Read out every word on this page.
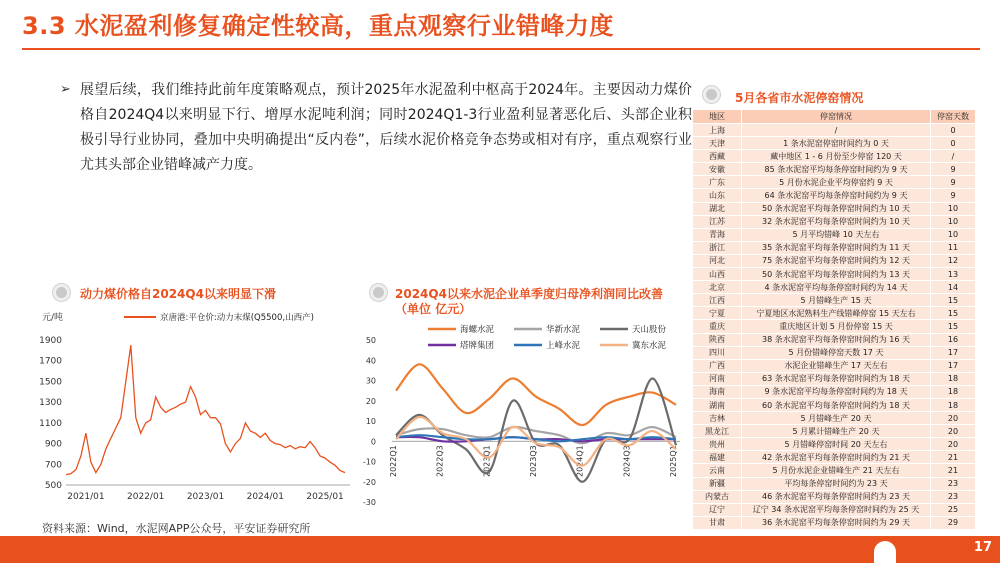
3.3 水泥盈利修复确定性较高，重点观察行业错峰力度
➢ 展望后续，我们维持此前年度策略观点，预计2025年水泥盈利中枢高于2024年。主要因动力煤价格自2024Q4以来明显下行、增厚水泥吨利润；同时2024Q1-3行业盈利显著恶化后、头部企业积极引导行业协同，叠加中央明确提出“反内卷”，后续水泥价格竞争态势或相对有序，重点观察行业尤其头部企业错峰减产力度。
动力煤价格自2024Q4以来明显下滑
元/吨	京唐港:平仓价:动力末煤(Q5500,山西产)
1900
1700
1500
1300
1100
900
700
500
2021/01 2022/01 2023/01 2024/01 2025/01
2024Q4以来水泥企业单季度归母净利润同比改善
（单位 亿元）
海螺水泥	华新水泥	天山股份
塔牌集团	上峰水泥	冀东水泥
50
40
30
20
10
0
-10
-20
-30
2022Q1	2022Q3	2023Q1	2023Q3	2024Q1	2024Q3	2025Q1
5月各省市水泥停窑情况
地区	停窑情况	停窑天数
上海	/	0
天津	1 条水泥窑停窑时间约为 0 天	0
西藏	藏中地区 1 - 6 月份至少停窑 120 天	/
安徽	85 条水泥窑平均每条停窑时间约为 9 天	9
广东	5 月份水泥企业平均停窑约 9 天	9
山东	64 条水泥窑平均每条停窑时间约为 9 天	9
湖北	50 条水泥窑平均每条停窑时间约为 10 天	10
江苏	32 条水泥窑平均每条停窑时间约为 10 天	10
青海	5 月平均错峰 10 天左右	10
浙江	35 条水泥窑平均每条停窑时间约为 11 天	11
河北	75 条水泥窑平均每条停窑时间约为 12 天	12
山西	50 条水泥窑平均每条停窑时间约为 13 天	13
北京	4 条水泥窑平均每条停窑时间约为 14 天	14
江西	5 月错峰生产 15 天	15
宁夏	宁夏地区水泥熟料生产线错峰停窑 15 天左右	15
重庆	重庆地区计划 5 月份停窑 15 天	15
陕西	38 条水泥窑平均每条停窑时间约为 16 天	16
四川	5 月份错峰停窑天数 17 天	17
广西	水泥企业错峰生产 17 天左右	17
河南	63 条水泥窑平均每条停窑时间约为 18 天	18
海南	9 条水泥窑平均每条停窑时间约为 18 天	18
湖南	60 条水泥窑平均每条停窑时间约为 18 天	18
吉林	5 月错峰生产 20 天	20
黑龙江	5 月累计错峰生产 20 天	20
贵州	5 月错峰停窑时间 20 天左右	20
福建	42 条水泥窑平均每条停窑时间约为 21 天	21
云南	5 月份水泥企业错峰生产 21 天左右	21
新疆	平均每条停窑时间约为 23 天	23
内蒙古	46 条水泥窑平均每条停窑时间约为 23 天	23
辽宁	辽宁 34 条水泥窑平均每条停窑时间约为 25 天	25
甘肃	36 条水泥窑平均每条停窑时间约为 29 天	29
资料来源：Wind，水泥网APP公众号，平安证券研究所
17
